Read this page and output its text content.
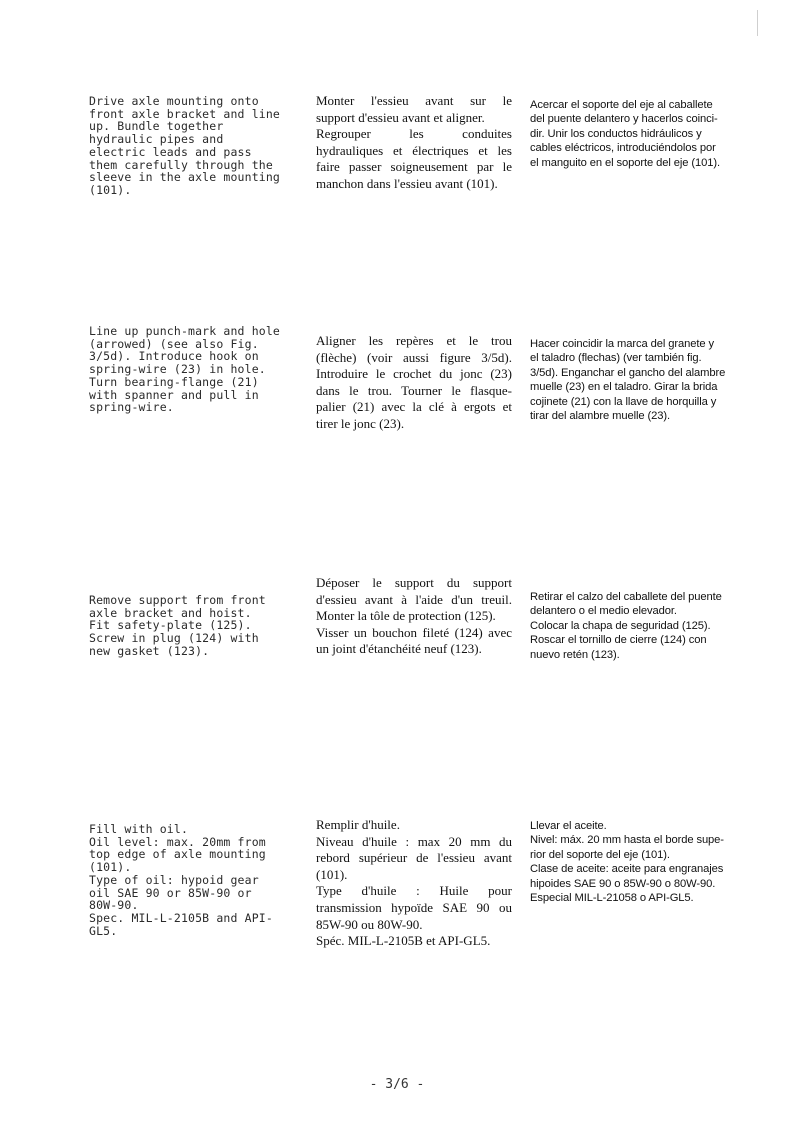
Drive axle mounting onto
front axle bracket and line
up. Bundle together
hydraulic pipes and
electric leads and pass
them carefully through the
sleeve in the axle mounting
(101).
Monter l'essieu avant sur le
support d'essieu avant et aligner.
Regrouper les conduites
hydrauliques et électriques et les
faire passer soigneusement par le
manchon dans l'essieu avant (101).
Acercar el soporte del eje al caballete
del puente delantero y hacerlos coinci-
dir. Unir los conductos hidráulicos y
cables eléctricos, introduciéndolos por
el manguito en el soporte del eje (101).
Line up punch-mark and hole
(arrowed) (see also Fig.
3/5d). Introduce hook on
spring-wire (23) in hole.
Turn bearing-flange (21)
with spanner and pull in
spring-wire.
Aligner les repères et le trou
(flèche) (voir aussi figure 3/5d).
Introduire le crochet du jonc (23)
dans le trou. Tourner le flasque-
palier (21) avec la clé à ergots et
tirer le jonc (23).
Hacer coincidir la marca del granete y
el taladro (flechas) (ver también fig.
3/5d). Enganchar el gancho del alambre
muelle (23) en el taladro. Girar la brida
cojinete (21) con la llave de horquilla y
tirar del alambre muelle (23).
Remove support from front
axle bracket and hoist.
Fit safety-plate (125).
Screw in plug (124) with
new gasket (123).
Déposer le support du support
d'essieu avant à l'aide d'un treuil.
Monter la tôle de protection (125).
Visser un bouchon fileté (124) avec
un joint d'étanchéité neuf (123).
Retirar el calzo del caballete del puente
delantero o el medio elevador.
Colocar la chapa de seguridad (125).
Roscar el tornillo de cierre (124) con
nuevo retén (123).
Fill with oil.
Oil level: max. 20mm from
top edge of axle mounting
(101).
Type of oil: hypoid gear
oil SAE 90 or 85W-90 or
80W-90.
Spec. MIL-L-2105B and API-
GL5.
Remplir d'huile.
Niveau d'huile : max 20 mm du
rebord supérieur de l'essieu avant
(101).
Type d'huile : Huile pour
transmission hypoïde SAE 90 ou
85W-90 ou 80W-90.
Spéc. MIL-L-2105B et API-GL5.
Llevar el aceite.
Nivel: máx. 20 mm hasta el borde supe-
rior del soporte del eje (101).
Clase de aceite: aceite para engranajes
hipoides SAE 90 o 85W-90 o 80W-90.
Especial MIL-L-21058 o API-GL5.
- 3/6 -
